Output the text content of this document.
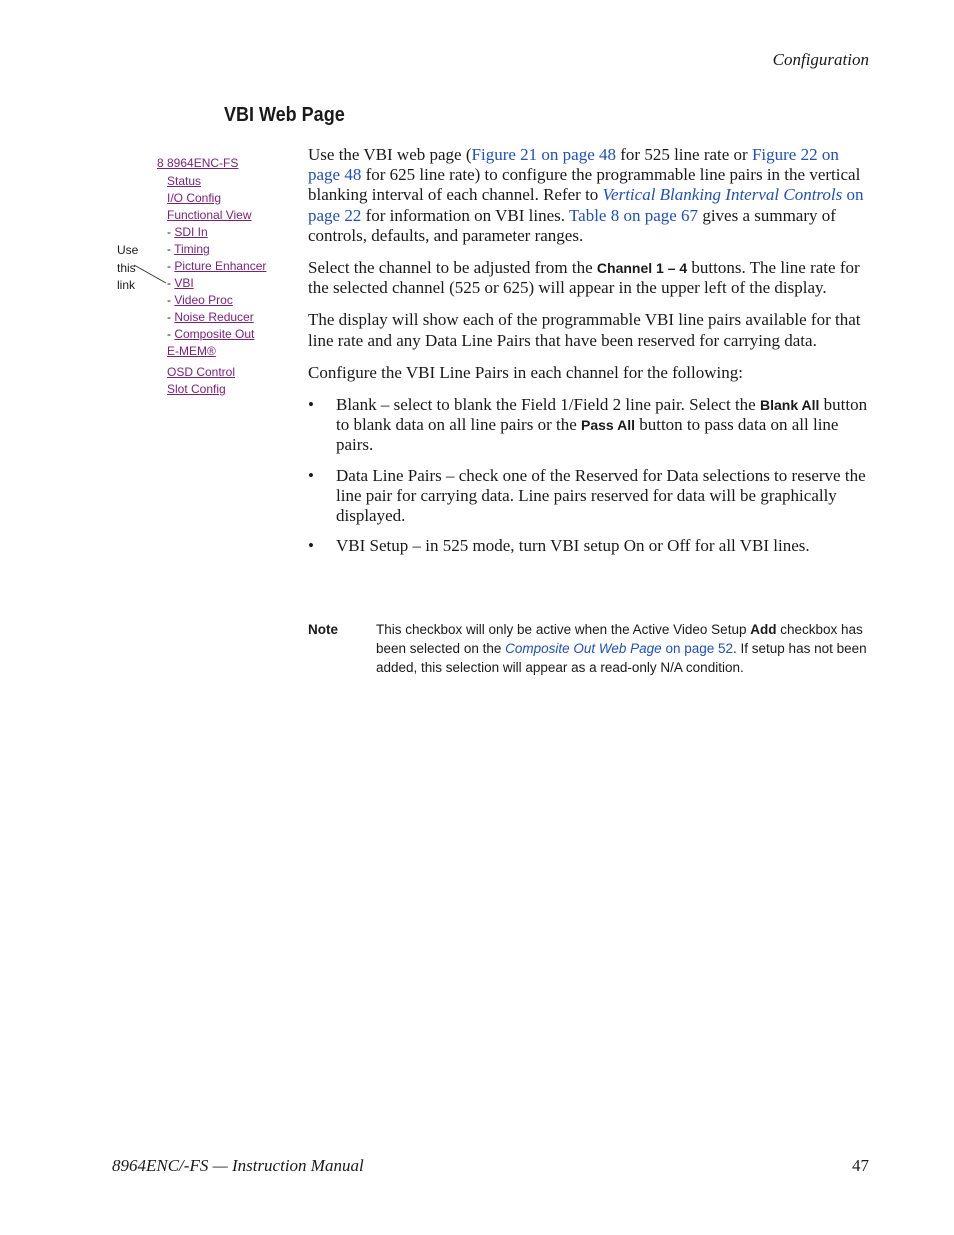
Configuration
VBI Web Page
8 8964ENC-FS
Status
I/O Config
Functional View
- SDI In
- Timing
- Picture Enhancer
- VBI
- Video Proc
- Noise Reducer
- Composite Out
E-MEM®
OSD Control
Slot Config
Use
this
link

Use the VBI web page (Figure 21 on page 48 for 525 line rate or Figure 22 on page 48 for 625 line rate) to configure the programmable line pairs in the vertical blanking interval of each channel. Refer to Vertical Blanking Interval Controls on page 22 for information on VBI lines. Table 8 on page 67 gives a summary of controls, defaults, and parameter ranges.

Select the channel to be adjusted from the Channel 1 – 4 buttons. The line rate for the selected channel (525 or 625) will appear in the upper left of the display.

The display will show each of the programmable VBI line pairs available for that line rate and any Data Line Pairs that have been reserved for carrying data.

Configure the VBI Line Pairs in each channel for the following:

• Blank – select to blank the Field 1/Field 2 line pair. Select the Blank All button to blank data on all line pairs or the Pass All button to pass data on all line pairs.
• Data Line Pairs – check one of the Reserved for Data selections to reserve the line pair for carrying data. Line pairs reserved for data will be graphically displayed.
• VBI Setup – in 525 mode, turn VBI setup On or Off for all VBI lines.
Note	This checkbox will only be active when the Active Video Setup Add checkbox has been selected on the Composite Out Web Page on page 52. If setup has not been added, this selection will appear as a read-only N/A condition.
8964ENC/-FS — Instruction Manual	47
